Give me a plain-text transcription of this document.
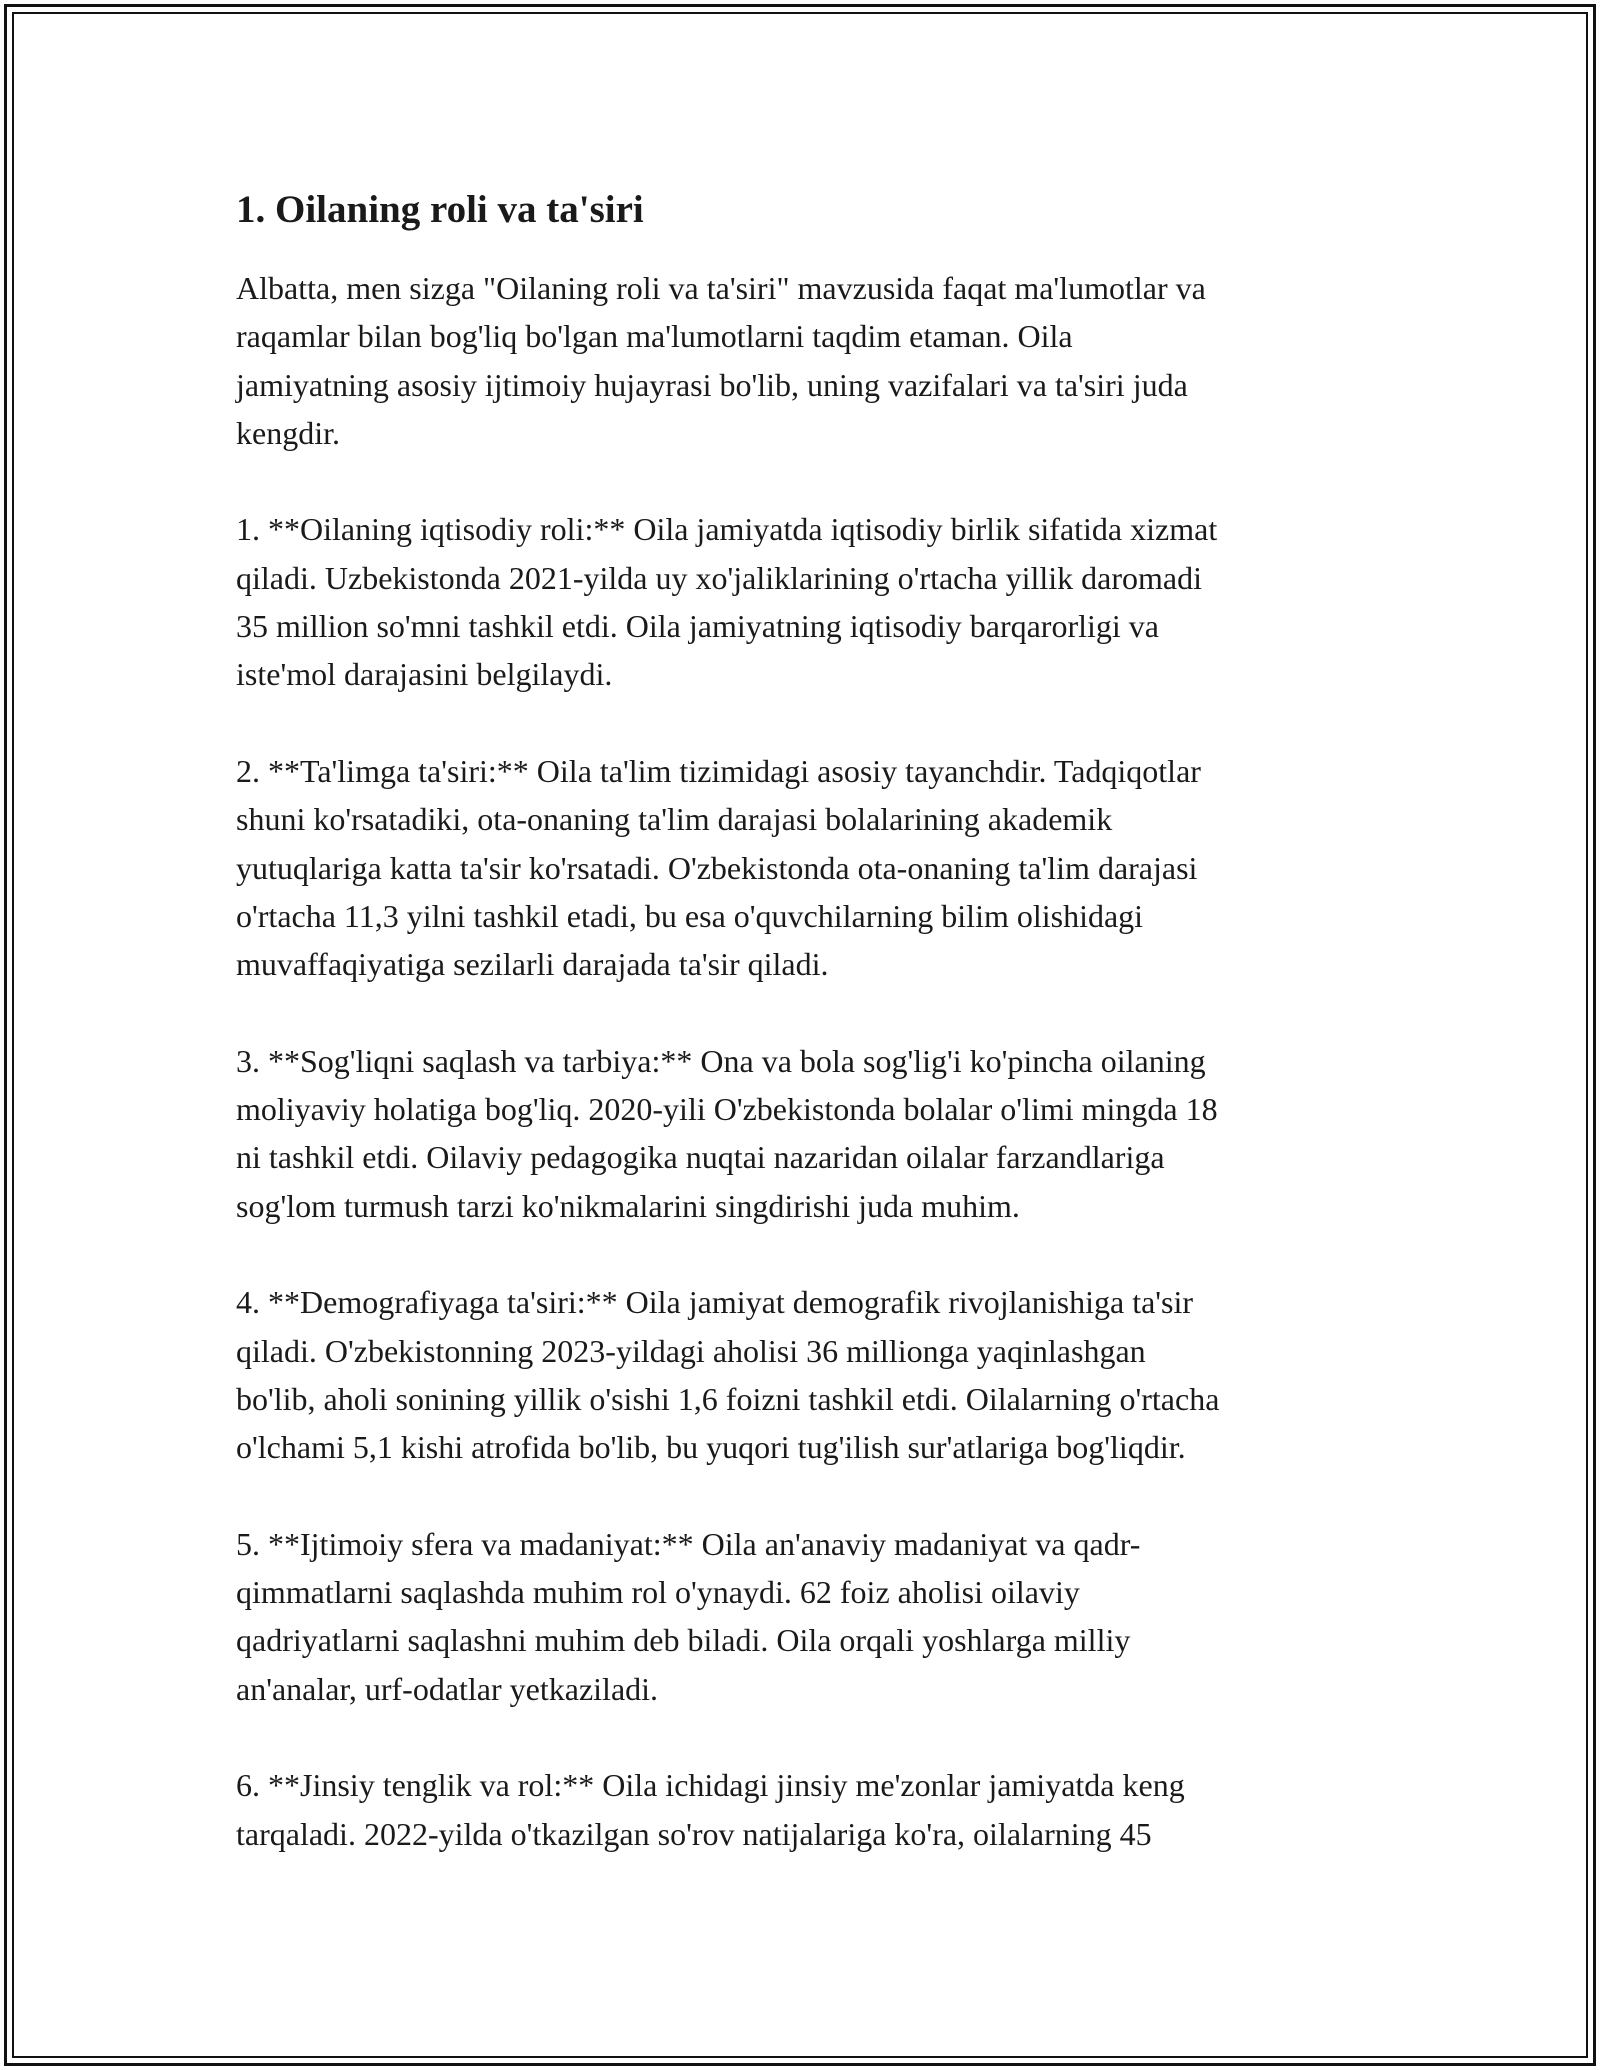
1. Oilaning roli va ta'siri
Albatta, men sizga "Oilaning roli va ta'siri" mavzusida faqat ma'lumotlar va
raqamlar bilan bog'liq bo'lgan ma'lumotlarni taqdim etaman. Oila
jamiyatning asosiy ijtimoiy hujayrasi bo'lib, uning vazifalari va ta'siri juda
kengdir.
1. **Oilaning iqtisodiy roli:** Oila jamiyatda iqtisodiy birlik sifatida xizmat
qiladi. Uzbekistonda 2021-yilda uy xo'jaliklarining o'rtacha yillik daromadi
35 million so'mni tashkil etdi. Oila jamiyatning iqtisodiy barqarorligi va
iste'mol darajasini belgilaydi.
2. **Ta'limga ta'siri:** Oila ta'lim tizimidagi asosiy tayanchdir. Tadqiqotlar
shuni ko'rsatadiki, ota-onaning ta'lim darajasi bolalarining akademik
yutuqlariga katta ta'sir ko'rsatadi. O'zbekistonda ota-onaning ta'lim darajasi
o'rtacha 11,3 yilni tashkil etadi, bu esa o'quvchilarning bilim olishidagi
muvaffaqiyatiga sezilarli darajada ta'sir qiladi.
3. **Sog'liqni saqlash va tarbiya:** Ona va bola sog'lig'i ko'pincha oilaning
moliyaviy holatiga bog'liq. 2020-yili O'zbekistonda bolalar o'limi mingda 18
ni tashkil etdi. Oilaviy pedagogika nuqtai nazaridan oilalar farzandlariga
sog'lom turmush tarzi ko'nikmalarini singdirishi juda muhim.
4. **Demografiyaga ta'siri:** Oila jamiyat demografik rivojlanishiga ta'sir
qiladi. O'zbekistonning 2023-yildagi aholisi 36 millionga yaqinlashgan
bo'lib, aholi sonining yillik o'sishi 1,6 foizni tashkil etdi. Oilalarning o'rtacha
o'lchami 5,1 kishi atrofida bo'lib, bu yuqori tug'ilish sur'atlariga bog'liqdir.
5. **Ijtimoiy sfera va madaniyat:** Oila an'anaviy madaniyat va qadr-
qimmatlarni saqlashda muhim rol o'ynaydi. 62 foiz aholisi oilaviy
qadriyatlarni saqlashni muhim deb biladi. Oila orqali yoshlarga milliy
an'analar, urf-odatlar yetkaziladi.
6. **Jinsiy tenglik va rol:** Oila ichidagi jinsiy me'zonlar jamiyatda keng
tarqaladi. 2022-yilda o'tkazilgan so'rov natijalariga ko'ra, oilalarning 45
